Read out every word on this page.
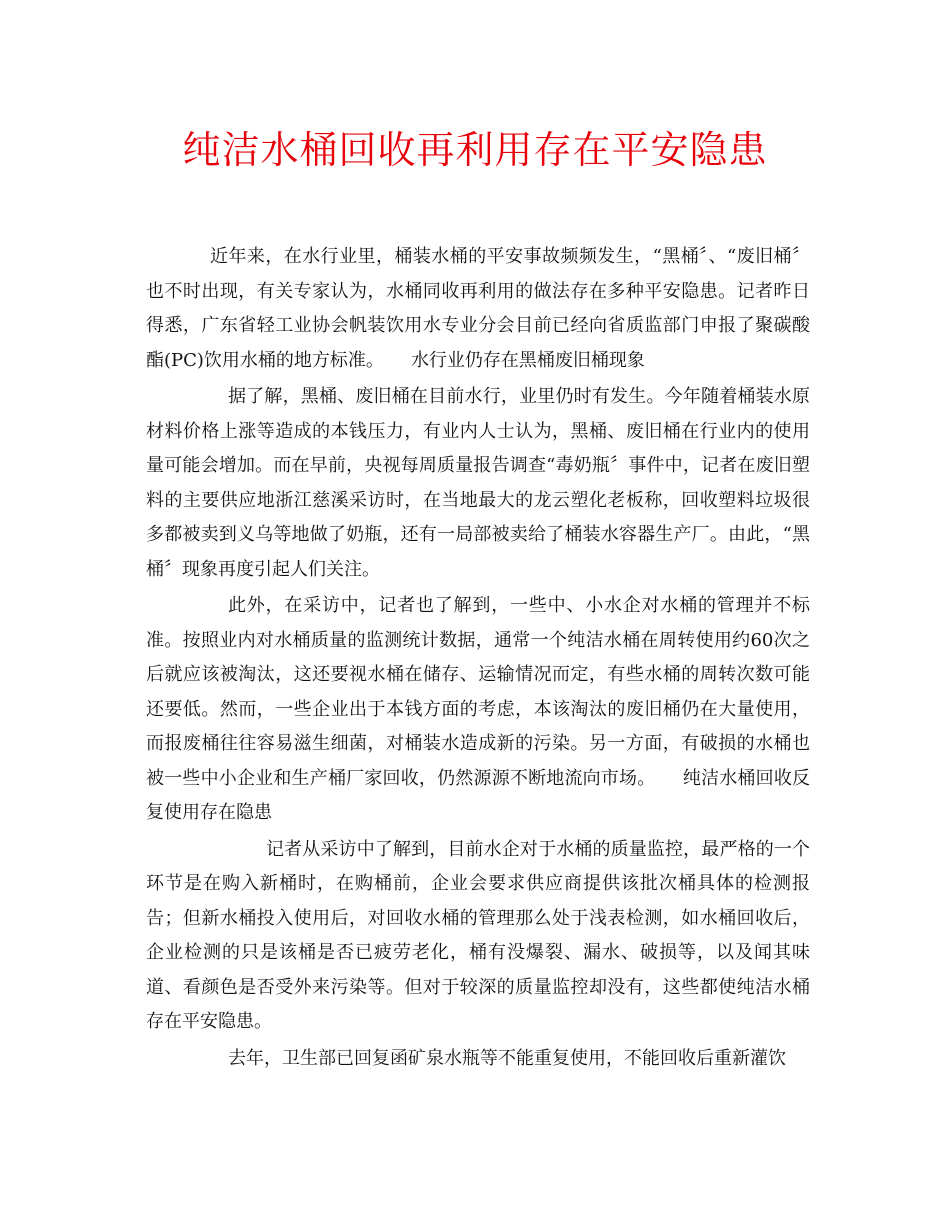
纯洁水桶回收再利用存在平安隐患

近年来，在水行业里，桶装水桶的平安事故频频发生，“黑桶〞、“废旧桶〞也不时出现，有关专家认为，水桶同收再利用的做法存在多种平安隐患。记者昨日得悉，广东省轻工业协会帆装饮用水专业分会目前已经向省质监部门申报了聚碳酸酯(PC)饮用水桶的地方标准。　　 水行业仍存在黑桶废旧桶现象

据了解，黑桶、废旧桶在目前水行，业里仍时有发生。今年随着桶装水原材料价格上涨等造成的本钱压力，有业内人士认为，黑桶、废旧桶在行业内的使用量可能会增加。而在早前，央视每周质量报告调查“毒奶瓶〞事件中，记者在废旧塑料的主要供应地浙江慈溪采访时，在当地最大的龙云塑化老板称，回收塑料垃圾很多都被卖到义乌等地做了奶瓶，还有一局部被卖给了桶装水容器生产厂。由此，“黑桶〞现象再度引起人们关注。

此外，在采访中，记者也了解到，一些中、小水企对水桶的管理并不标准。按照业内对水桶质量的监测统计数据，通常一个纯洁水桶在周转使用约60次之后就应该被淘汰，这还要视水桶在储存、运输情况而定，有些水桶的周转次数可能还要低。然而，一些企业出于本钱方面的考虑，本该淘汰的废旧桶仍在大量使用，而报废桶往往容易滋生细菌，对桶装水造成新的污染。另一方面，有破损的水桶也被一些中小企业和生产桶厂家回收，仍然源源不断地流向市场。　　 纯洁水桶回收反复使用存在隐患

记者从采访中了解到，目前水企对于水桶的质量监控，最严格的一个环节是在购入新桶时，在购桶前，企业会要求供应商提供该批次桶具体的检测报告；但新水桶投入使用后，对回收水桶的管理那么处于浅表检测，如水桶回收后，企业检测的只是该桶是否已疲劳老化，桶有没爆裂、漏水、破损等，以及闻其味道、看颜色是否受外来污染等。但对于较深的质量监控却没有，这些都使纯洁水桶存在平安隐患。

去年，卫生部已回复函矿泉水瓶等不能重复使用，不能回收后重新灌饮
